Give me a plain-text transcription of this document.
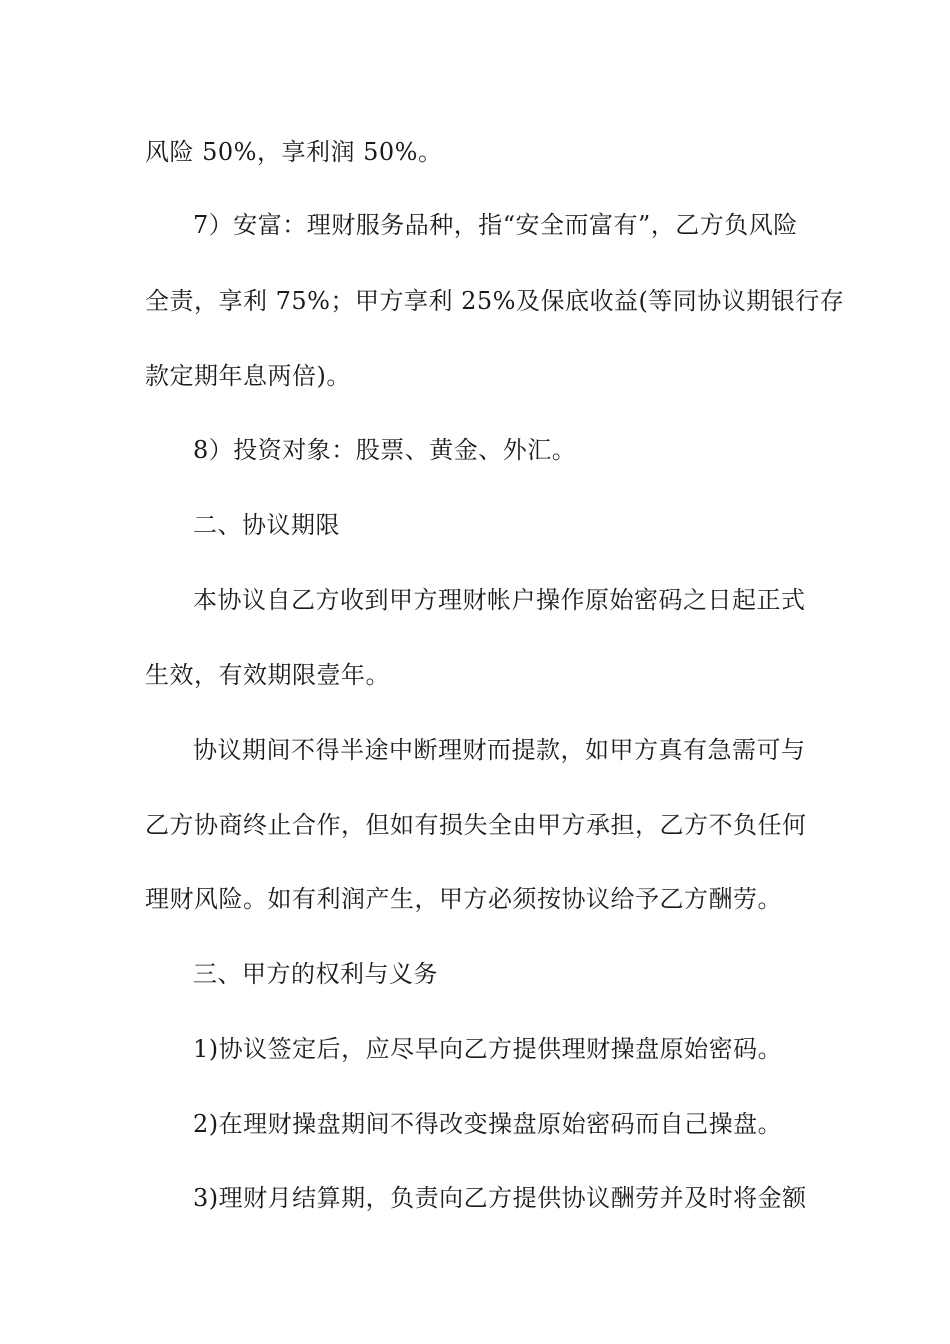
风险 50%，享利润 50%。
7）安富：理财服务品种，指“安全而富有”，乙方负风险
全责，享利 75%；甲方享利 25%及保底收益(等同协议期银行存
款定期年息两倍)。
8）投资对象：股票、黄金、外汇。
二、协议期限
本协议自乙方收到甲方理财帐户操作原始密码之日起正式
生效，有效期限壹年。
协议期间不得半途中断理财而提款，如甲方真有急需可与
乙方协商终止合作，但如有损失全由甲方承担，乙方不负任何
理财风险。如有利润产生，甲方必须按协议给予乙方酬劳。
三、甲方的权利与义务
1)协议签定后，应尽早向乙方提供理财操盘原始密码。
2)在理财操盘期间不得改变操盘原始密码而自己操盘。
3)理财月结算期，负责向乙方提供协议酬劳并及时将金额
